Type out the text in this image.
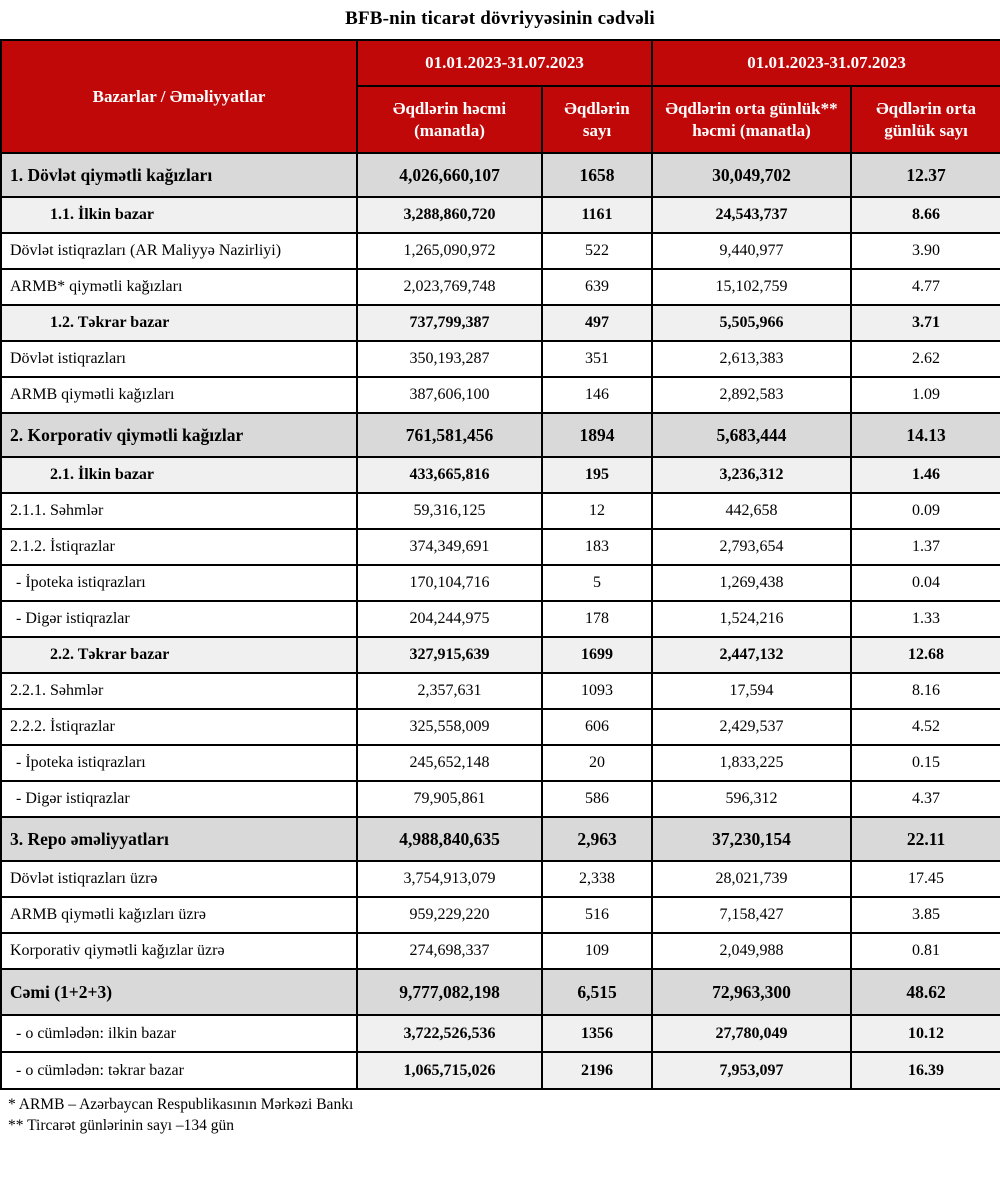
BFB-nin ticarət dövriyyəsinin cədvəli
Bazarlar / Əməliyyatlar	01.01.2023-31.07.2023		01.01.2023-31.07.2023	
	Əqdlərin həcmi (manatla)	Əqdlərin sayı	Əqdlərin orta günlük** həcmi (manatla)	Əqdlərin orta günlük sayı
1. Dövlət qiymətli kağızları	4,026,660,107	1658	30,049,702	12.37
1.1. İlkin bazar	3,288,860,720	1161	24,543,737	8.66
Dövlət istiqrazları (AR Maliyyə Nazirliyi)	1,265,090,972	522	9,440,977	3.90
ARMB* qiymətli kağızları	2,023,769,748	639	15,102,759	4.77
1.2. Təkrar bazar	737,799,387	497	5,505,966	3.71
Dövlət istiqrazları	350,193,287	351	2,613,383	2.62
ARMB qiymətli kağızları	387,606,100	146	2,892,583	1.09
2. Korporativ qiymətli kağızlar	761,581,456	1894	5,683,444	14.13
2.1. İlkin bazar	433,665,816	195	3,236,312	1.46
2.1.1. Səhmlər	59,316,125	12	442,658	0.09
2.1.2. İstiqrazlar	374,349,691	183	2,793,654	1.37
- İpoteka istiqrazları	170,104,716	5	1,269,438	0.04
- Digər istiqrazlar	204,244,975	178	1,524,216	1.33
2.2. Təkrar bazar	327,915,639	1699	2,447,132	12.68
2.2.1. Səhmlər	2,357,631	1093	17,594	8.16
2.2.2. İstiqrazlar	325,558,009	606	2,429,537	4.52
- İpoteka istiqrazları	245,652,148	20	1,833,225	0.15
- Digər istiqrazlar	79,905,861	586	596,312	4.37
3. Repo əməliyyatları	4,988,840,635	2,963	37,230,154	22.11
Dövlət istiqrazları üzrə	3,754,913,079	2,338	28,021,739	17.45
ARMB qiymətli kağızları üzrə	959,229,220	516	7,158,427	3.85
Korporativ qiymətli kağızlar üzrə	274,698,337	109	2,049,988	0.81
Cəmi (1+2+3)	9,777,082,198	6,515	72,963,300	48.62
- o cümlədən: ilkin bazar	3,722,526,536	1356	27,780,049	10.12
- o cümlədən: təkrar bazar	1,065,715,026	2196	7,953,097	16.39
* ARMB – Azərbaycan Respublikasının Mərkəzi Bankı
** Tircarət günlərinin sayı –134 gün
